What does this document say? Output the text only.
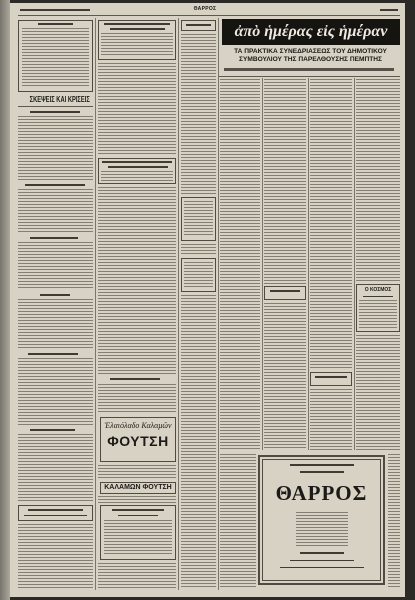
ΘΑΡΡΟΣ
ΣΚΕΨΕΙΣ ΚΑΙ ΚΡΙΣΕΙΣ
Ἐλαιόλαδο Καλαμῶν
ΦΟΥΤΣΗ
ΚΑΛΑΜΩΝ ΦΟΥΤΣΗ
ἀπὸ ἡμέρας εἰς ἡμέραν
ΤΑ ΠΡΑΚΤΙΚΑ ΣΥΝΕΔΡΙΑΣΕΩΣ ΤΟΥ ΔΗΜΟΤΙΚΟΥ
ΣΥΜΒΟΥΛΙΟΥ ΤΗΣ ΠΑΡΕΛΘΟΥΣΗΣ ΠΕΜΠΤΗΣ
Ο ΚΟΣΜΟΣ
ΘΑΡΡΟΣ
